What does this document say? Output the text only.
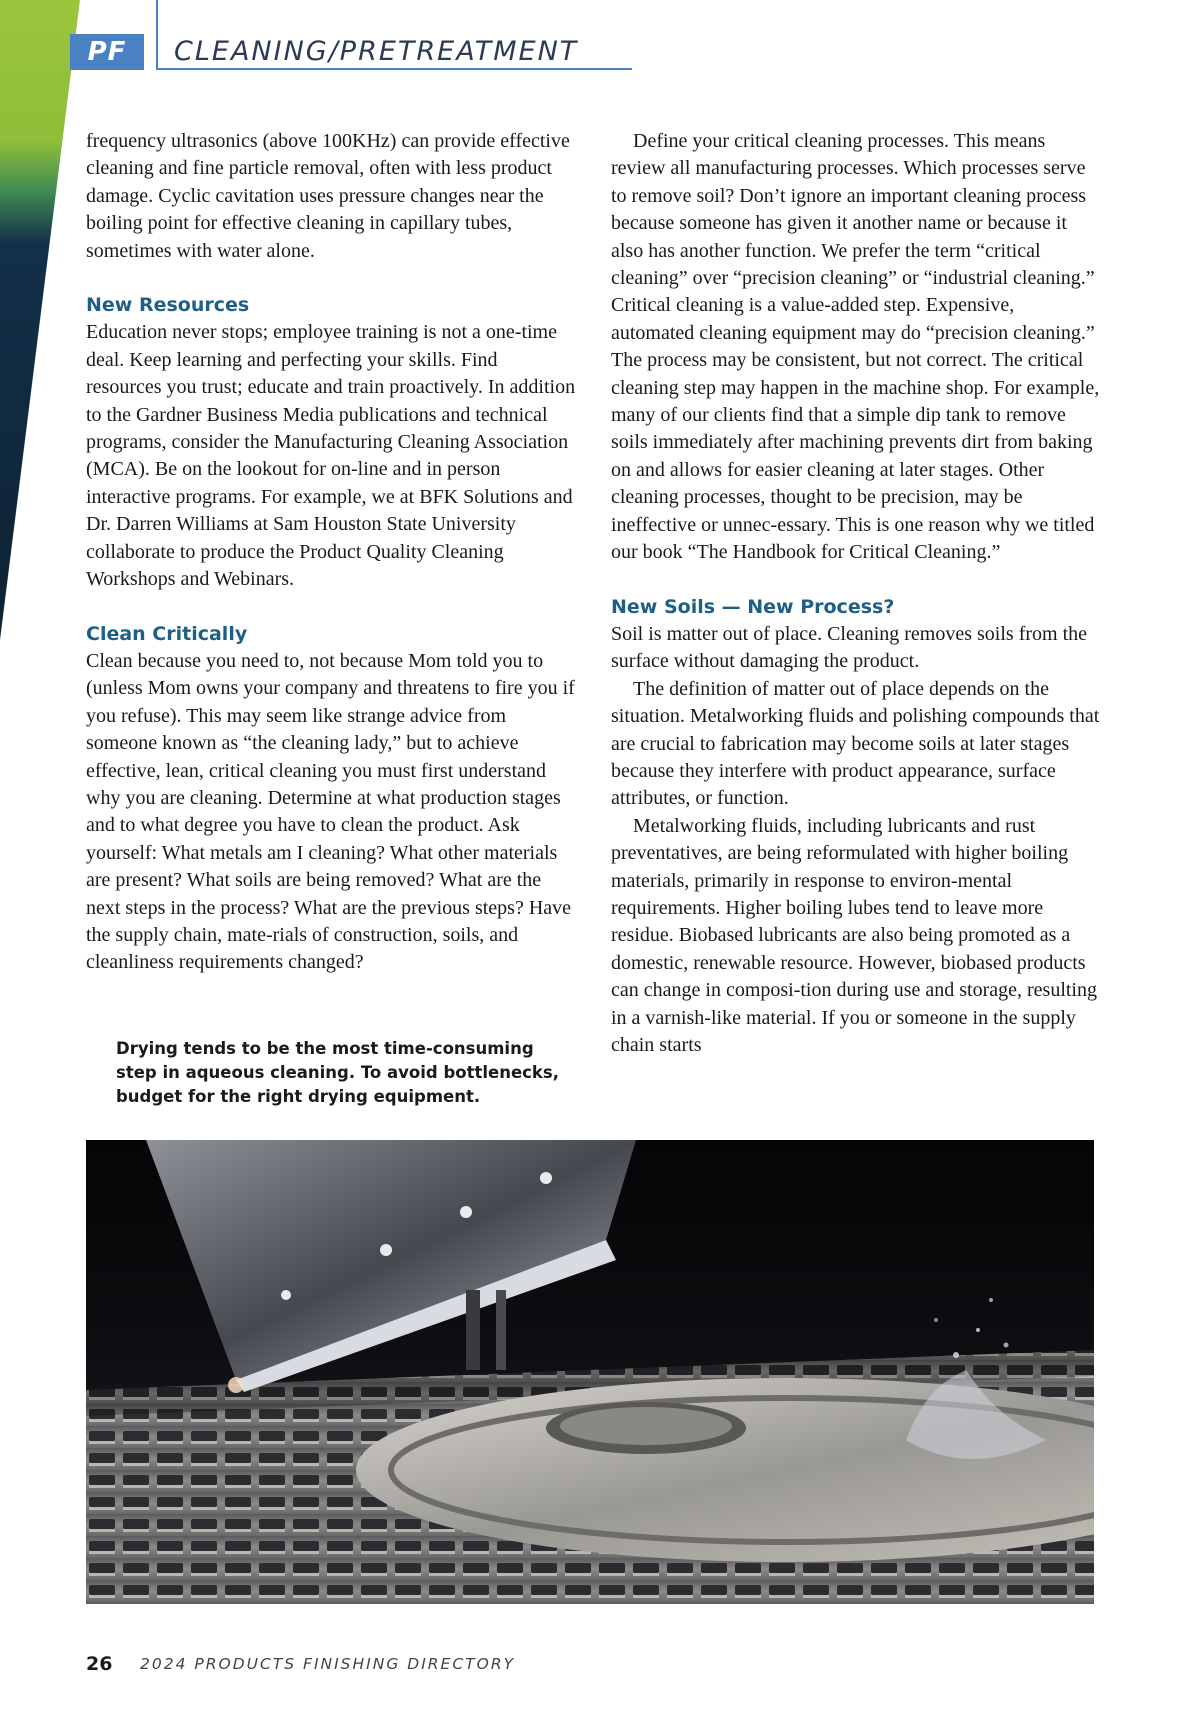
PF	CLEANING/PRETREATMENT

frequency ultrasonics (above 100KHz) can provide effective cleaning and fine particle removal, often with less product damage. Cyclic cavitation uses pressure changes near the boiling point for effective cleaning in capillary tubes, sometimes with water alone.

New Resources

Education never stops; employee training is not a one-time deal. Keep learning and perfecting your skills. Find resources you trust; educate and train proactively. In addition to the Gardner Business Media publications and technical programs, consider the Manufacturing Cleaning Association (MCA). Be on the lookout for on-line and in person interactive programs. For example, we at BFK Solutions and Dr. Darren Williams at Sam Houston State University collaborate to produce the Product Quality Cleaning Workshops and Webinars.

Clean Critically

Clean because you need to, not because Mom told you to (unless Mom owns your company and threatens to fire you if you refuse). This may seem like strange advice from someone known as “the cleaning lady,” but to achieve effective, lean, critical cleaning you must first understand why you are cleaning. Determine at what production stages and to what degree you have to clean the product. Ask yourself: What metals am I cleaning? What other materials are present? What soils are being removed? What are the next steps in the process? What are the previous steps? Have the supply chain, mate-rials of construction, soils, and cleanliness requirements changed?

Drying tends to be the most time-consuming step in aqueous cleaning. To avoid bottlenecks, budget for the right drying equipment.

Define your critical cleaning processes. This means review all manufacturing processes. Which processes serve to remove soil? Don’t ignore an important cleaning process because someone has given it another name or because it also has another function. We prefer the term “critical cleaning” over “precision cleaning” or “industrial cleaning.” Critical cleaning is a value-added step. Expensive, automated cleaning equipment may do “precision cleaning.” The process may be consistent, but not correct. The critical cleaning step may happen in the machine shop. For example, many of our clients find that a simple dip tank to remove soils immediately after machining prevents dirt from baking on and allows for easier cleaning at later stages. Other cleaning processes, thought to be precision, may be ineffective or unnec-essary. This is one reason why we titled our book “The Handbook for Critical Cleaning.”

New Soils — New Process?

Soil is matter out of place. Cleaning removes soils from the surface without damaging the product.

The definition of matter out of place depends on the situation. Metalworking fluids and polishing compounds that are crucial to fabrication may become soils at later stages because they interfere with product appearance, surface attributes, or function.

Metalworking fluids, including lubricants and rust preventatives, are being reformulated with higher boiling materials, primarily in response to environ-mental requirements. Higher boiling lubes tend to leave more residue. Biobased lubricants are also being promoted as a domestic, renewable resource. However, biobased products can change in composi-tion during use and storage, resulting in a varnish-like material. If you or someone in the supply chain starts

26 2024 PRODUCTS FINISHING DIRECTORY
